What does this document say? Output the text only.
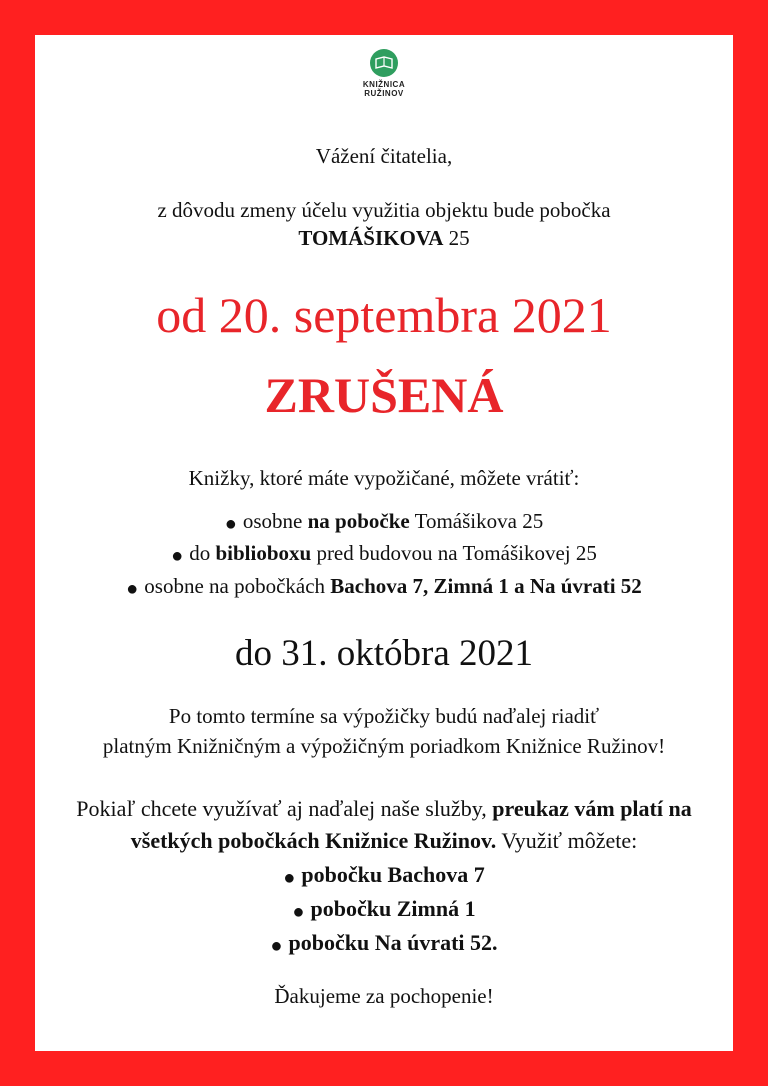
KNIŽNICA
RUŽINOV
Vážení čitatelia,
z dôvodu zmeny účelu využitia objektu bude pobočka
TOMÁŠIKOVA 25
od 20. septembra 2021
ZRUŠENÁ
Knižky, ktoré máte vypožičané, môžete vrátiť:
● osobne na pobočke Tomášikova 25
● do biblioboxu pred budovou na Tomášikovej 25
● osobne na pobočkách Bachova 7, Zimná 1 a Na úvrati 52
do 31. októbra 2021
Po tomto termíne sa výpožičky budú naďalej riadiť
platným Knižničným a výpožičným poriadkom Knižnice Ružinov!
Pokiaľ chcete využívať aj naďalej naše služby, preukaz vám platí na
všetkých pobočkách Knižnice Ružinov. Využiť môžete:
● pobočku Bachova 7
● pobočku Zimná 1
● pobočku Na úvrati 52.
Ďakujeme za pochopenie!
